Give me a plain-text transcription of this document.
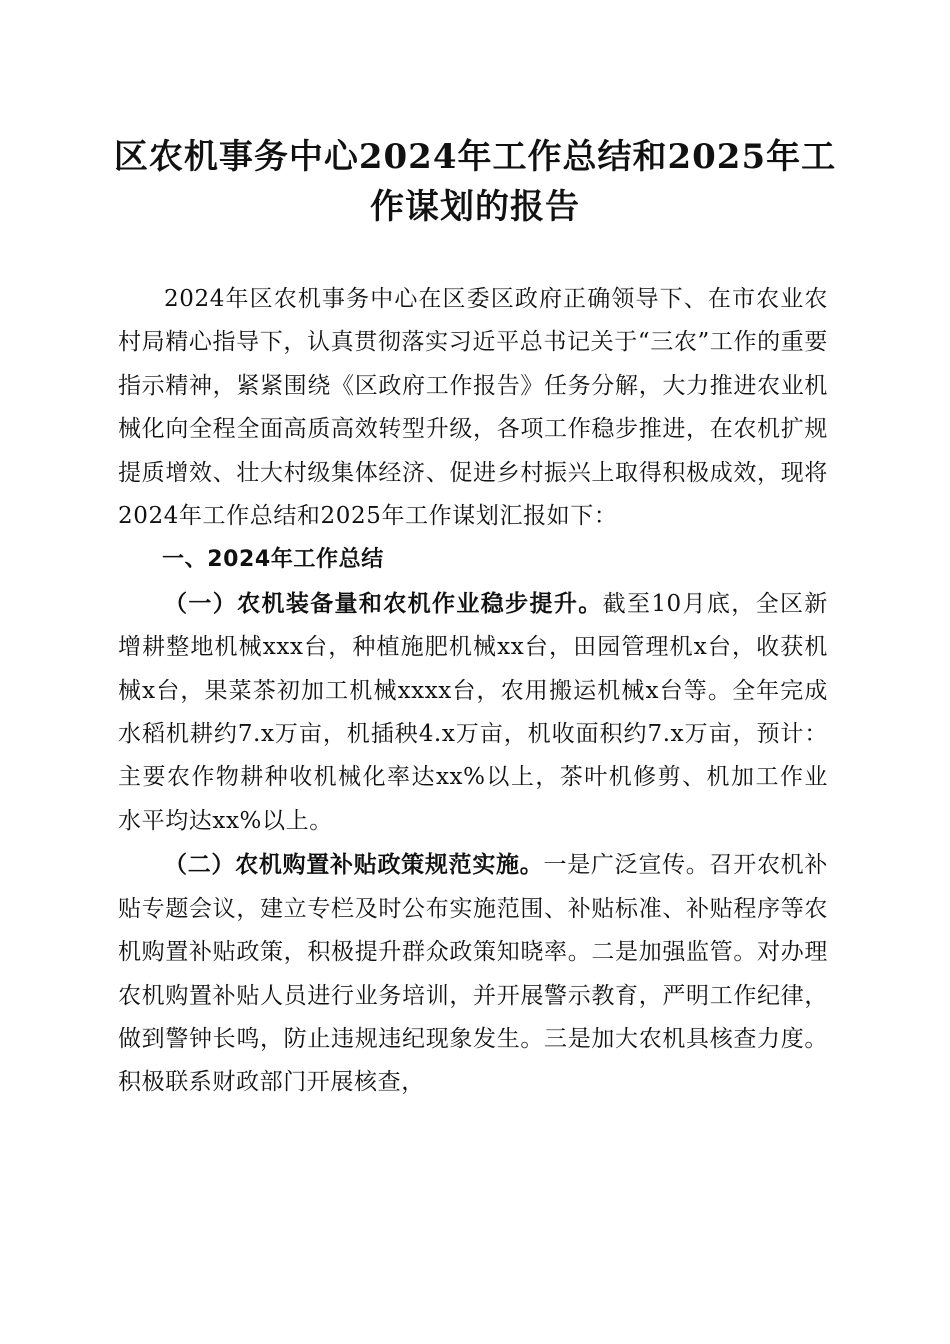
区农机事务中心2024年工作总结和2025年工
作谋划的报告

2024年区农机事务中心在区委区政府正确领导下、在市农业农村局精心指导下，认真贯彻落实习近平总书记关于“三农”工作的重要指示精神，紧紧围绕《区政府工作报告》任务分解，大力推进农业机械化向全程全面高质高效转型升级，各项工作稳步推进，在农机扩规提质增效、壮大村级集体经济、促进乡村振兴上取得积极成效，现将2024年工作总结和2025年工作谋划汇报如下：

一、2024年工作总结

（一）农机装备量和农机作业稳步提升。截至10月底，全区新增耕整地机械xxx台，种植施肥机械xx台，田园管理机x台，收获机械x台，果菜茶初加工机械xxxx台，农用搬运机械x台等。全年完成水稻机耕约7.x万亩，机插秧4.x万亩，机收面积约7.x万亩，预计：主要农作物耕种收机械化率达xx%以上，茶叶机修剪、机加工作业水平均达xx%以上。

（二）农机购置补贴政策规范实施。一是广泛宣传。召开农机补贴专题会议，建立专栏及时公布实施范围、补贴标准、补贴程序等农机购置补贴政策，积极提升群众政策知晓率。二是加强监管。对办理农机购置补贴人员进行业务培训，并开展警示教育，严明工作纪律，做到警钟长鸣，防止违规违纪现象发生。三是加大农机具核查力度。积极联系财政部门开展核查，
